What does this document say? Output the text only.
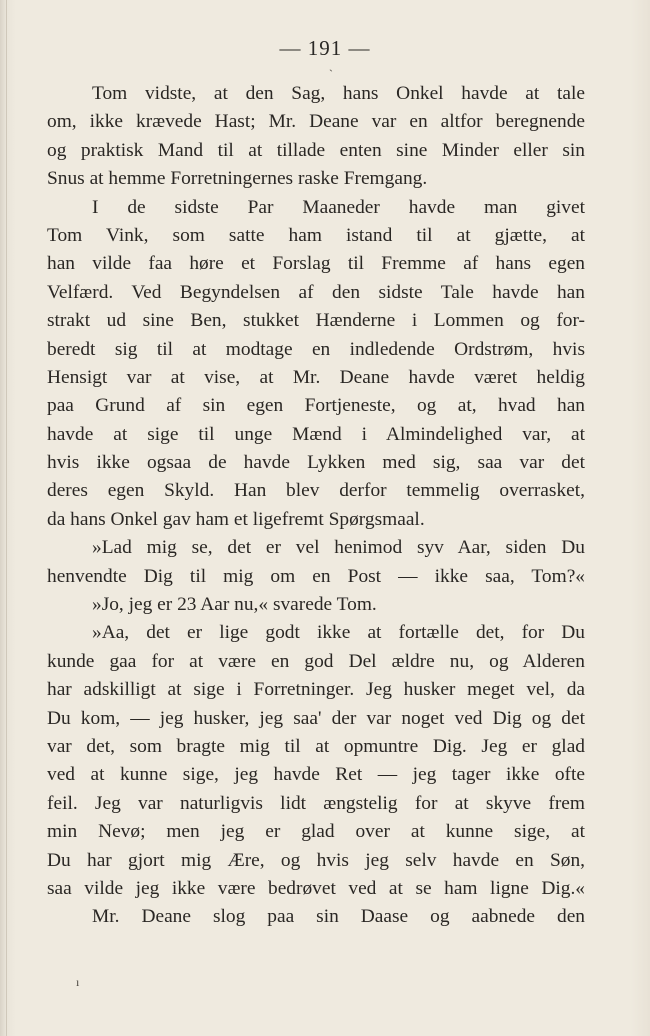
— 191 —
ˎ
Tom vidste, at den Sag, hans Onkel havde at tale
om, ikke krævede Hast; Mr. Deane var en altfor beregnende
og praktisk Mand til at tillade enten sine Minder eller sin
Snus at hemme Forretningernes raske Fremgang.
I de sidste Par Maaneder havde man givet
Tom Vink, som satte ham istand til at gjætte, at
han vilde faa høre et Forslag til Fremme af hans egen
Velfærd. Ved Begyndelsen af den sidste Tale havde han
strakt ud sine Ben, stukket Hænderne i Lommen og for-
beredt sig til at modtage en indledende Ordstrøm, hvis
Hensigt var at vise, at Mr. Deane havde været heldig
paa Grund af sin egen Fortjeneste, og at, hvad han
havde at sige til unge Mænd i Almindelighed var, at
hvis ikke ogsaa de havde Lykken med sig, saa var det
deres egen Skyld. Han blev derfor temmelig overrasket,
da hans Onkel gav ham et ligefremt Spørgsmaal.
»Lad mig se, det er vel henimod syv Aar, siden Du
henvendte Dig til mig om en Post — ikke saa, Tom?«
»Jo, jeg er 23 Aar nu,« svarede Tom.
»Aa, det er lige godt ikke at fortælle det, for Du
kunde gaa for at være en god Del ældre nu, og Alderen
har adskilligt at sige i Forretninger. Jeg husker meget vel, da
Du kom, — jeg husker, jeg saa' der var noget ved Dig og det
var det, som bragte mig til at opmuntre Dig. Jeg er glad
ved at kunne sige, jeg havde Ret — jeg tager ikke ofte
feil. Jeg var naturligvis lidt ængstelig for at skyve frem
min Nevø; men jeg er glad over at kunne sige, at
Du har gjort mig Ære, og hvis jeg selv havde en Søn,
saa vilde jeg ikke være bedrøvet ved at se ham ligne Dig.«
Mr. Deane slog paa sin Daase og aabnede den
ı
